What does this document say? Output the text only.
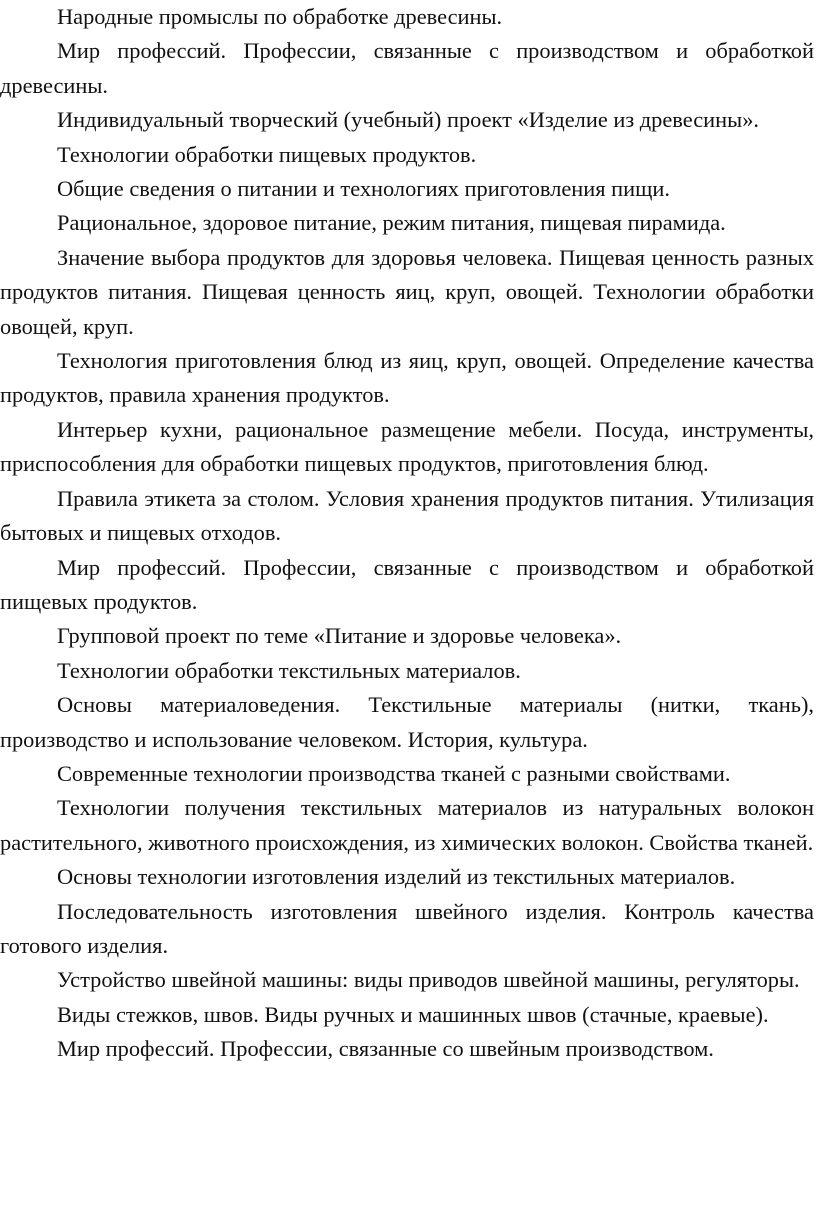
Народные промыслы по обработке древесины.

Мир профессий. Профессии, связанные с производством и обработкой древесины.

Индивидуальный творческий (учебный) проект «Изделие из древесины».

Технологии обработки пищевых продуктов.

Общие сведения о питании и технологиях приготовления пищи.

Рациональное, здоровое питание, режим питания, пищевая пирамида.

Значение выбора продуктов для здоровья человека. Пищевая ценность разных продуктов питания. Пищевая ценность яиц, круп, овощей. Технологии обработки овощей, круп.

Технология приготовления блюд из яиц, круп, овощей. Определение качества продуктов, правила хранения продуктов.

Интерьер кухни, рациональное размещение мебели. Посуда, инструменты, приспособления для обработки пищевых продуктов, приготовления блюд.

Правила этикета за столом. Условия хранения продуктов питания. Утилизация бытовых и пищевых отходов.

Мир профессий. Профессии, связанные с производством и обработкой пищевых продуктов.

Групповой проект по теме «Питание и здоровье человека».

Технологии обработки текстильных материалов.

Основы материаловедения. Текстильные материалы (нитки, ткань), производство и использование человеком. История, культура.

Современные технологии производства тканей с разными свойствами.

Технологии получения текстильных материалов из натуральных волокон растительного, животного происхождения, из химических волокон. Свойства тканей.

Основы технологии изготовления изделий из текстильных материалов.

Последовательность изготовления швейного изделия. Контроль качества готового изделия.

Устройство швейной машины: виды приводов швейной машины, регуляторы.

Виды стежков, швов. Виды ручных и машинных швов (стачные, краевые).

Мир профессий. Профессии, связанные со швейным производством.
